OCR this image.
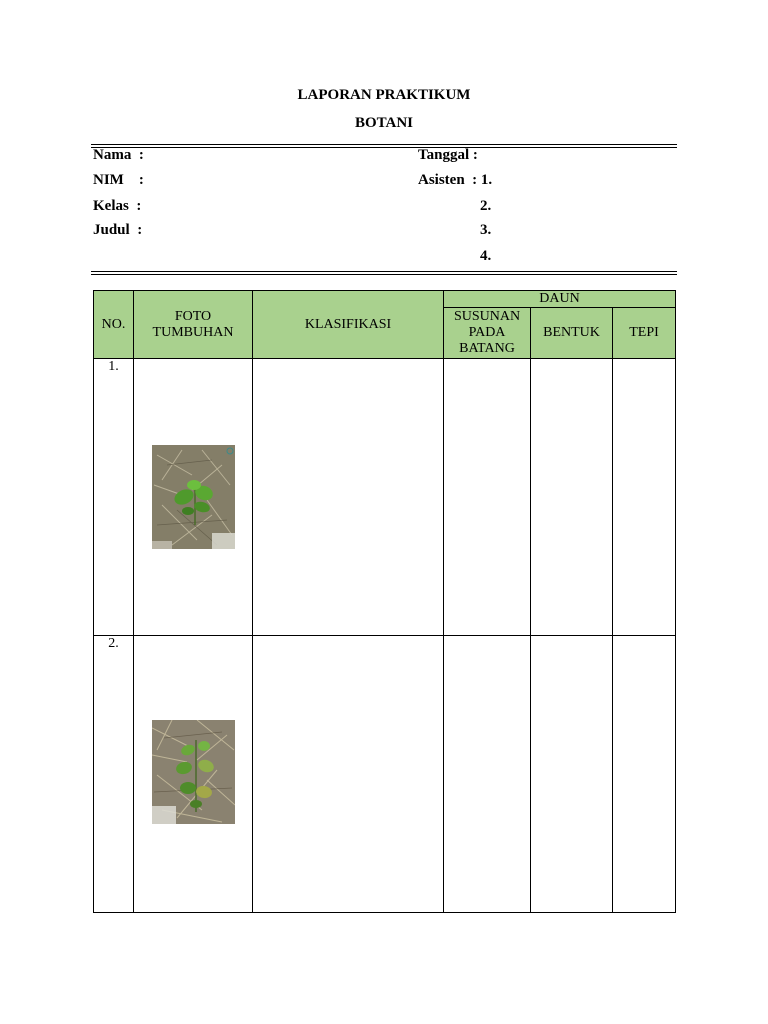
LAPORAN PRAKTIKUM
BOTANI
Nama  :
NIM    :
Kelas  :
Judul  :
Tanggal :
Asisten  : 1.
2.
3.
4.
NO.	FOTO TUMBUHAN	KLASIFIKASI	DAUN		
			SUSUNAN PADA BATANG	BENTUK	TEPI
1.	

2.	
